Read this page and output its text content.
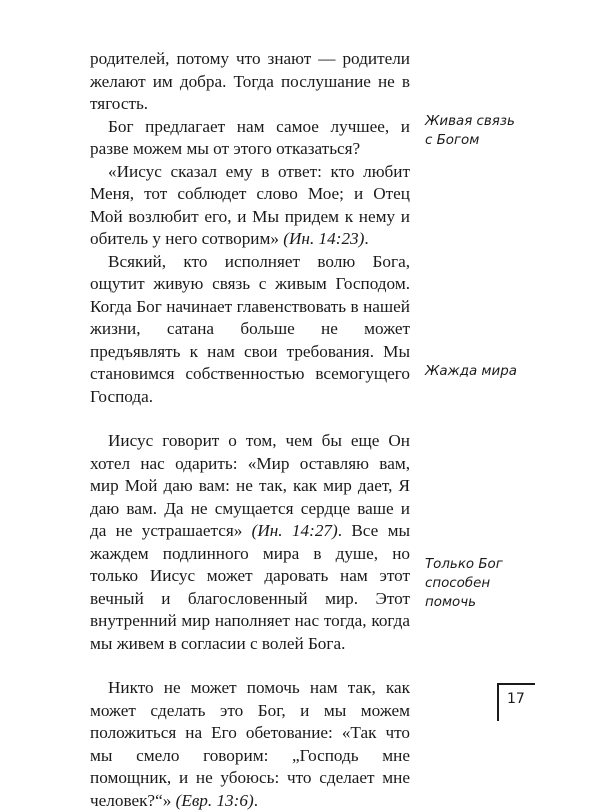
родителей, потому что знают — родители желают им добра. Тогда послушание не в тягость.

Бог предлагает нам самое лучшее, и разве можем мы от этого отказаться?

«Иисус сказал ему в ответ: кто любит Меня, тот соблюдет слово Мое; и Отец Мой возлюбит его, и Мы придем к нему и обитель у него сотворим» (Ин. 14:23).

Всякий, кто исполняет волю Бога, ощутит живую связь с живым Господом. Когда Бог начинает главенствовать в нашей жизни, сатана больше не может предъявлять к нам свои требования. Мы становимся собственностью всемогущего Господа.

Иисус говорит о том, чем бы еще Он хотел нас одарить: «Мир оставляю вам, мир Мой даю вам: не так, как мир дает, Я даю вам. Да не смущается сердце ваше и да не устрашается» (Ин. 14:27). Все мы жаждем подлинного мира в душе, но только Иисус может даровать нам этот вечный и благословенный мир. Этот внутренний мир наполняет нас тогда, когда мы живем в согласии с волей Бога.

Никто не может помочь нам так, как может сделать это Бог, и мы можем положиться на Его обетование: «Так что мы смело говорим: „Господь мне помощник, и не убоюсь: что сделает мне человек?“» (Евр. 13:6).

Живая связь
с Богом
Жажда мира
Только Бог
способен помочь
17
